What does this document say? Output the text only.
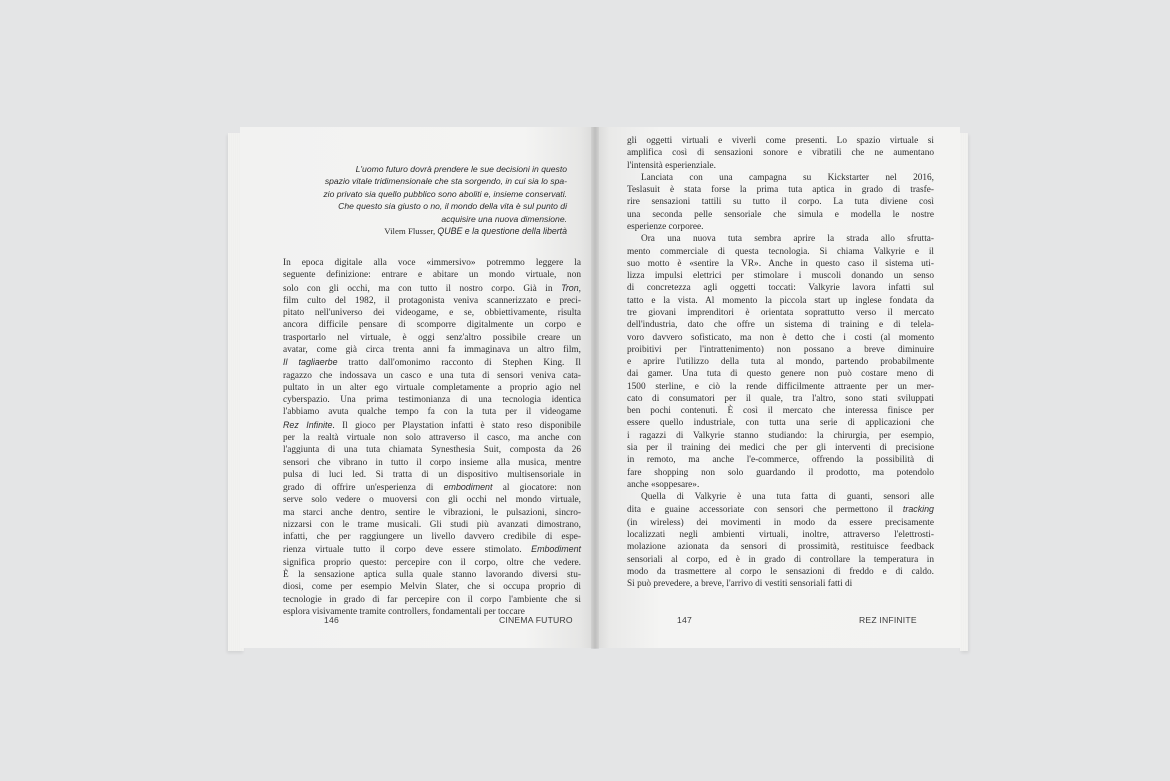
L'uomo futuro dovrà prendere le sue decisioni in questo
spazio vitale tridimensionale che sta sorgendo, in cui sia lo spa-
zio privato sia quello pubblico sono aboliti e, insieme conservati.
Che questo sia giusto o no, il mondo della vita è sul punto di
acquisire una nuova dimensione.
Vilem Flusser, QUBE e la questione della libertà

In epoca digitale alla voce «immersivo» potremmo leggere la

seguente definizione: entrare e abitare un mondo virtuale, non

solo con gli occhi, ma con tutto il nostro corpo. Già in Tron,

film culto del 1982, il protagonista veniva scannerizzato e preci-

pitato nell'universo dei videogame, e se, obbiettivamente, risulta

ancora difficile pensare di scomporre digitalmente un corpo e

trasportarlo nel virtuale, è oggi senz'altro possibile creare un

avatar, come già circa trenta anni fa immaginava un altro film,

Il tagliaerbe tratto dall'omonimo racconto di Stephen King. Il

ragazzo che indossava un casco e una tuta di sensori veniva cata-

pultato in un alter ego virtuale completamente a proprio agio nel

cyberspazio. Una prima testimonianza di una tecnologia identica

l'abbiamo avuta qualche tempo fa con la tuta per il videogame

Rez Infinite. Il gioco per Playstation infatti è stato reso disponibile

per la realtà virtuale non solo attraverso il casco, ma anche con

l'aggiunta di una tuta chiamata Synesthesia Suit, composta da 26

sensori che vibrano in tutto il corpo insieme alla musica, mentre

pulsa di luci led. Si tratta di un dispositivo multisensoriale in

grado di offrire un'esperienza di embodiment al giocatore: non

serve solo vedere o muoversi con gli occhi nel mondo virtuale,

ma starci anche dentro, sentire le vibrazioni, le pulsazioni, sincro-

nizzarsi con le trame musicali. Gli studi più avanzati dimostrano,

infatti, che per raggiungere un livello davvero credibile di espe-

rienza virtuale tutto il corpo deve essere stimolato. Embodiment

significa proprio questo: percepire con il corpo, oltre che vedere.

È la sensazione aptica sulla quale stanno lavorando diversi stu-

diosi, come per esempio Melvin Slater, che si occupa proprio di

tecnologie in grado di far percepire con il corpo l'ambiente che si

esplora visivamente tramite controllers, fondamentali per toccare

146	CINEMA FUTURO

gli oggetti virtuali e viverli come presenti. Lo spazio virtuale si

amplifica così di sensazioni sonore e vibratili che ne aumentano

l'intensità esperienziale.

Lanciata con una campagna su Kickstarter nel 2016,

Teslasuit è stata forse la prima tuta aptica in grado di trasfe-

rire sensazioni tattili su tutto il corpo. La tuta diviene così

una seconda pelle sensoriale che simula e modella le nostre

esperienze corporee.

Ora una nuova tuta sembra aprire la strada allo sfrutta-

mento commerciale di questa tecnologia. Si chiama Valkyrie e il

suo motto è «sentire la VR». Anche in questo caso il sistema uti-

lizza impulsi elettrici per stimolare i muscoli donando un senso

di concretezza agli oggetti toccati: Valkyrie lavora infatti sul

tatto e la vista. Al momento la piccola start up inglese fondata da

tre giovani imprenditori è orientata soprattutto verso il mercato

dell'industria, dato che offre un sistema di training e di telela-

voro davvero sofisticato, ma non è detto che i costi (al momento

proibitivi per l'intrattenimento) non possano a breve diminuire

e aprire l'utilizzo della tuta al mondo, partendo probabilmente

dai gamer. Una tuta di questo genere non può costare meno di

1500 sterline, e ciò la rende difficilmente attraente per un mer-

cato di consumatori per il quale, tra l'altro, sono stati sviluppati

ben pochi contenuti. È così il mercato che interessa finisce per

essere quello industriale, con tutta una serie di applicazioni che

i ragazzi di Valkyrie stanno studiando: la chirurgia, per esempio,

sia per il training dei medici che per gli interventi di precisione

in remoto, ma anche l'e-commerce, offrendo la possibilità di

fare shopping non solo guardando il prodotto, ma potendolo

anche «soppesare».

Quella di Valkyrie è una tuta fatta di guanti, sensori alle

dita e guaine accessoriate con sensori che permettono il tracking

(in wireless) dei movimenti in modo da essere precisamente

localizzati negli ambienti virtuali, inoltre, attraverso l'elettrosti-

molazione azionata da sensori di prossimità, restituisce feedback

sensoriali al corpo, ed è in grado di controllare la temperatura in

modo da trasmettere al corpo le sensazioni di freddo e di caldo.

Si può prevedere, a breve, l'arrivo di vestiti sensoriali fatti di

147	REZ INFINITE
